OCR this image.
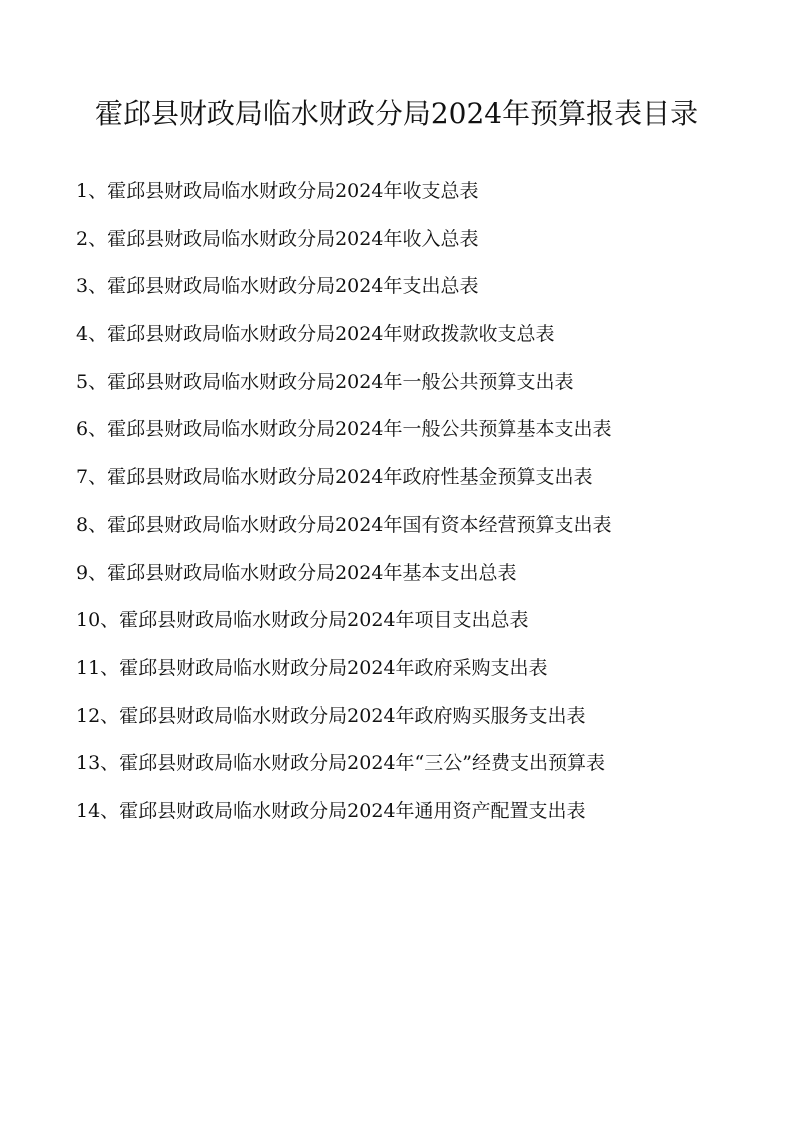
霍邱县财政局临水财政分局2024年预算报表目录
1、霍邱县财政局临水财政分局2024年收支总表
2、霍邱县财政局临水财政分局2024年收入总表
3、霍邱县财政局临水财政分局2024年支出总表
4、霍邱县财政局临水财政分局2024年财政拨款收支总表
5、霍邱县财政局临水财政分局2024年一般公共预算支出表
6、霍邱县财政局临水财政分局2024年一般公共预算基本支出表
7、霍邱县财政局临水财政分局2024年政府性基金预算支出表
8、霍邱县财政局临水财政分局2024年国有资本经营预算支出表
9、霍邱县财政局临水财政分局2024年基本支出总表
10、霍邱县财政局临水财政分局2024年项目支出总表
11、霍邱县财政局临水财政分局2024年政府采购支出表
12、霍邱县财政局临水财政分局2024年政府购买服务支出表
13、霍邱县财政局临水财政分局2024年“三公”经费支出预算表
14、霍邱县财政局临水财政分局2024年通用资产配置支出表
